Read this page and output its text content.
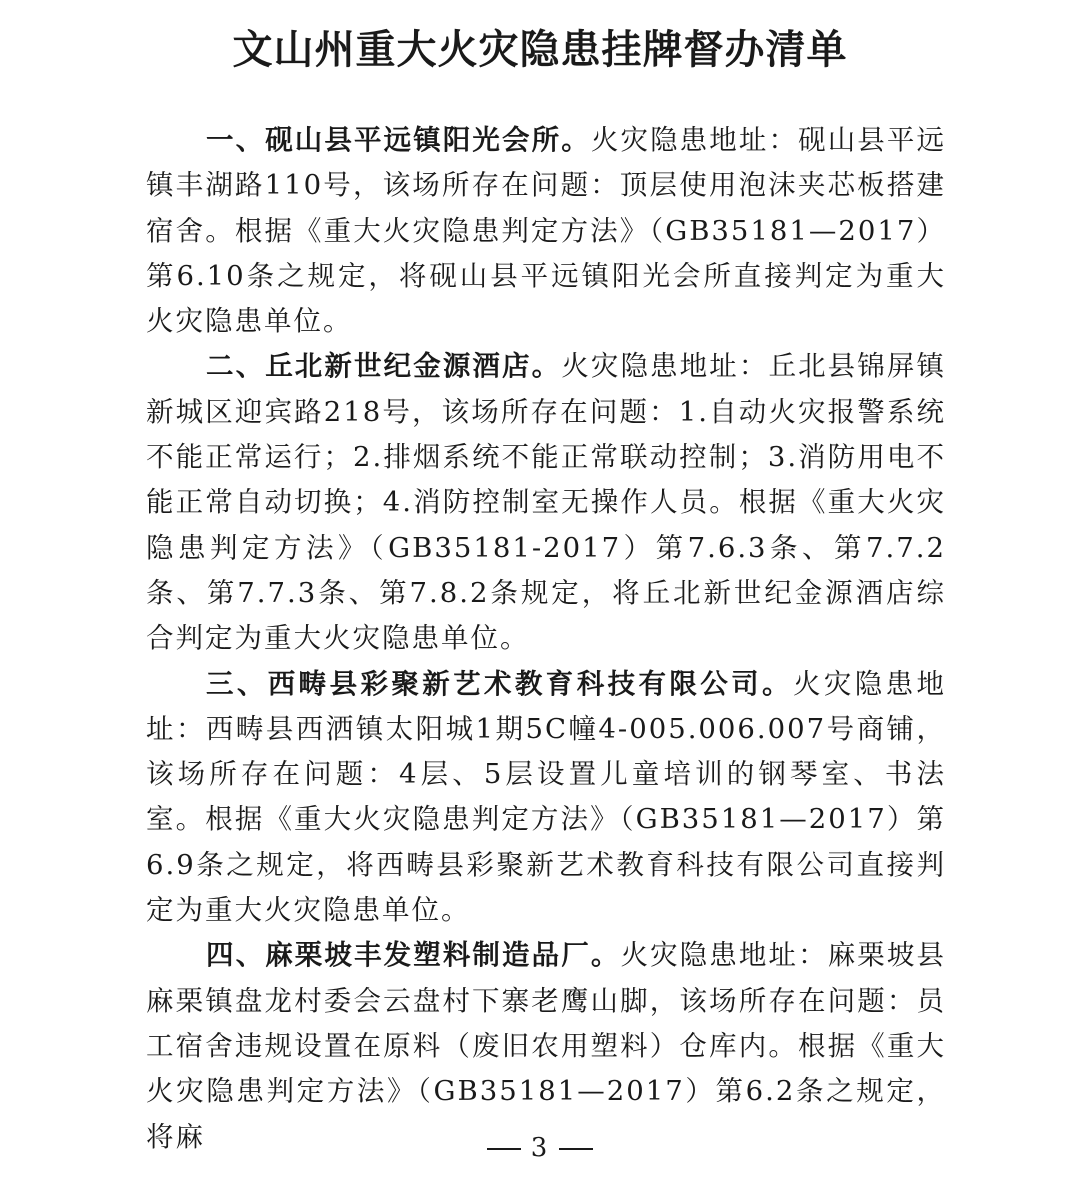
文山州重大火灾隐患挂牌督办清单

一、砚山县平远镇阳光会所。火灾隐患地址：砚山县平远镇丰湖路110号，该场所存在问题：顶层使用泡沫夹芯板搭建宿舍。根据《重大火灾隐患判定方法》（GB35181—2017）第6.10条之规定，将砚山县平远镇阳光会所直接判定为重大火灾隐患单位。

二、丘北新世纪金源酒店。火灾隐患地址：丘北县锦屏镇新城区迎宾路218号，该场所存在问题：1.自动火灾报警系统不能正常运行；2.排烟系统不能正常联动控制；3.消防用电不能正常自动切换；4.消防控制室无操作人员。根据《重大火灾隐患判定方法》（GB35181-2017）第7.6.3条、第7.7.2条、第7.7.3条、第7.8.2条规定，将丘北新世纪金源酒店综合判定为重大火灾隐患单位。

三、西畴县彩聚新艺术教育科技有限公司。火灾隐患地址：西畴县西洒镇太阳城1期5C幢4-005.006.007号商铺，该场所存在问题：4层、5层设置儿童培训的钢琴室、书法室。根据《重大火灾隐患判定方法》（GB35181—2017）第6.9条之规定，将西畴县彩聚新艺术教育科技有限公司直接判定为重大火灾隐患单位。

四、麻栗坡丰发塑料制造品厂。火灾隐患地址：麻栗坡县麻栗镇盘龙村委会云盘村下寨老鹰山脚，该场所存在问题：员工宿舍违规设置在原料（废旧农用塑料）仓库内。根据《重大火灾隐患判定方法》（GB35181—2017）第6.2条之规定，将麻	3
